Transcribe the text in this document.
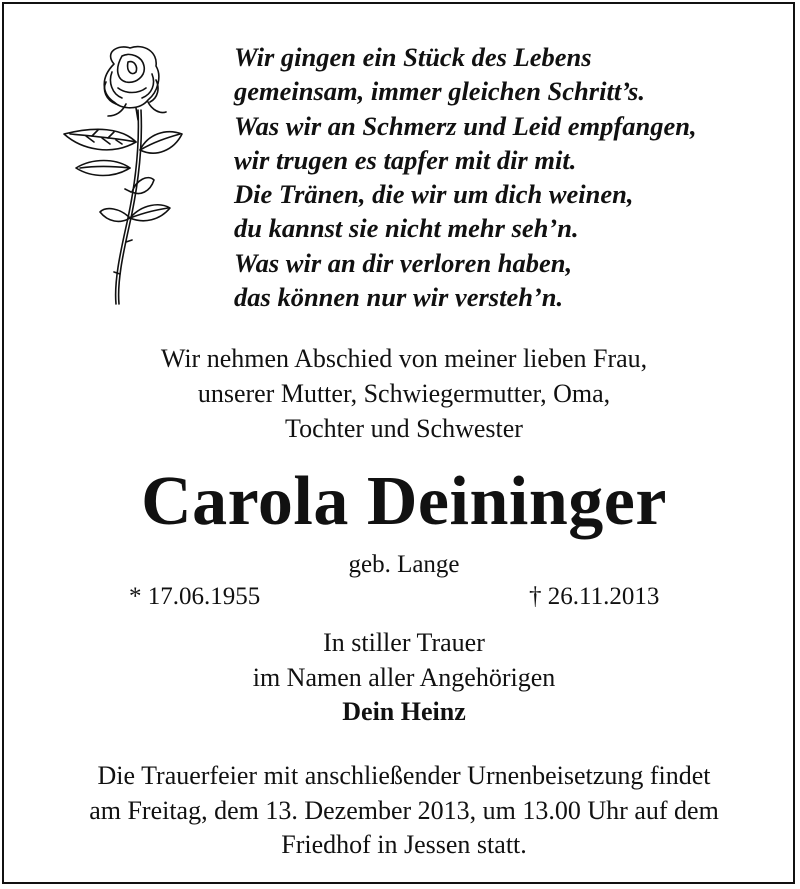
Wir gingen ein Stück des Lebens
gemeinsam, immer gleichen Schritt’s.
Was wir an Schmerz und Leid empfangen,
wir trugen es tapfer mit dir mit.
Die Tränen, die wir um dich weinen,
du kannst sie nicht mehr seh’n.
Was wir an dir verloren haben,
das können nur wir versteh’n.
Wir nehmen Abschied von meiner lieben Frau,
unserer Mutter, Schwiegermutter, Oma,
Tochter und Schwester
Carola Deininger
geb. Lange
* 17.06.1955	† 26.11.2013
In stiller Trauer
im Namen aller Angehörigen
Dein Heinz
Die Trauerfeier mit anschließender Urnenbeisetzung findet
am Freitag, dem 13. Dezember 2013, um 13.00 Uhr auf dem
Friedhof in Jessen statt.
